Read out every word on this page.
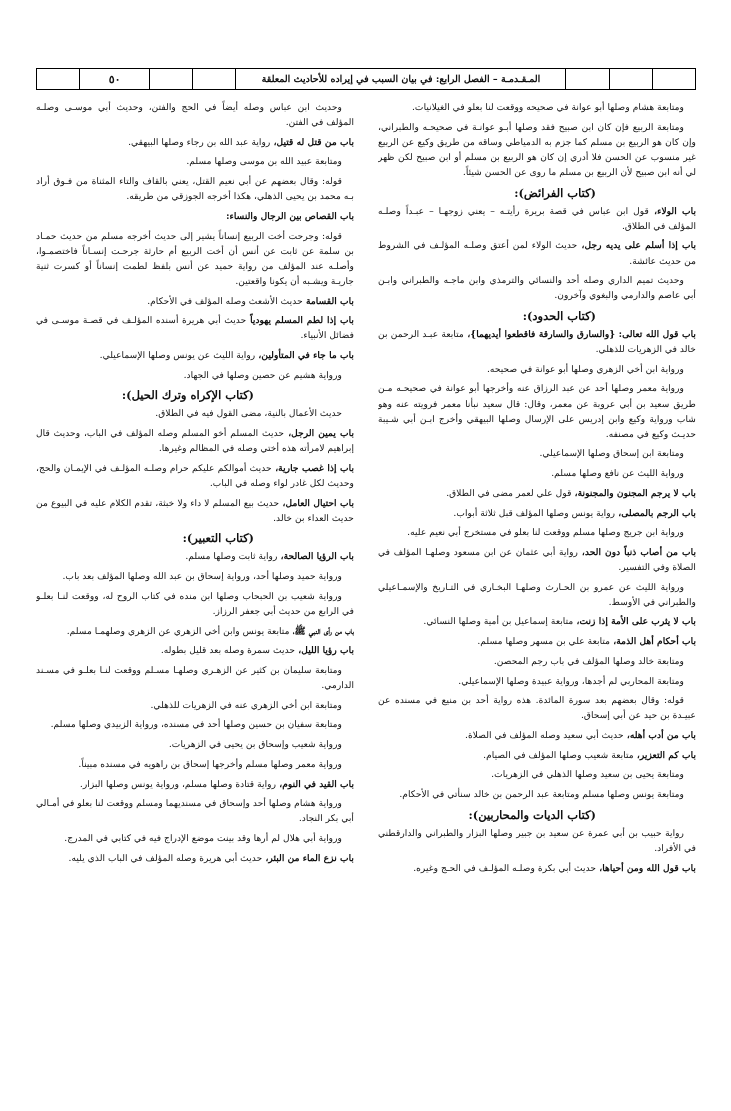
المـقـدمـة – الفصل الرابع: في بيان السبب في إيراده للأحاديث المعلقة
٥٠

ومتابعة هشام وصلها أبو عوانة في صحيحه ووقعت لنا بعلو في الغيلانيات.

ومتابعة الربيع فإن كان ابن صبيح فقد وصلها أبـو عوانـة في صحيحـه والطبراني، وإن كان هو الربيع بن مسلم كما جزم به الدمياطي وساقه من طريق وكيع عن الربيع غير منسوب عن الحسن فلا أدري إن كان هو الربيع بن مسلم أو ابن صبيح لكن ظهر لي أنه ابن صبيح لأن الربيع بن مسلم ما روى عن الحسن شيئاً.

(كتاب الفرائض):

باب الولاء، قول ابن عباس في قصة بريرة رأيتـه – يعني زوجهـا – عبـداً وصلـه المؤلف في الطلاق.

باب إذا أسلم على يديه رجل، حديث الولاء لمن أعتق وصلـه المؤلـف في الشروط من حديث عائشة.

وحديث تميم الداري وصله أحد والنسائي والترمذي وابن ماجـه والطبراني وابـن أبي عاصم والدارمي والبغوي وآخرون.

(كتاب الحدود):

باب قول الله تعالى: {والسارق والسارقة فاقطعوا أيديهما}، متابعة عبـد الرحمن بن خالد في الزهريات للذهلي.

ورواية ابن أخي الزهري وصلها أبو عوانة في صحيحه.

ورواية معمر وصلها أحد عن عبد الرزاق عنه وأخرجها أبو عوانة في صحيحـه مـن طريق سعيد بن أبي عروبة عن معمر، وقال: قال سعيد نبأنا معمر فرويته عنه وهو شاب ورواية وكيع وابن إدريس على الإرسال وصلها البيهقي وأخرج ابـن أبي شـيبة حديـث وكيع في مصنفه.

ومتابعة ابن إسحاق وصلها الإسماعيلي.

ورواية الليث عن نافع وصلها مسلم.

باب لا يرجم المجنون والمجنونة، قول علي لعمر مضى في الطلاق.

باب الرجم بالمصلى، رواية يونس وصلها المؤلف قبل ثلاثة أبواب.

ورواية ابن جريج وصلها مسلم ووقعت لنا بعلو في مستخرج أبي نعيم عليه.

باب من أصاب ذنباً دون الحد، رواية أبي عثمان عن ابن مسعود وصلهـا المؤلف في الصلاة وفي التفسير.

ورواية الليث عن عمرو بن الحـارث وصلهـا البخـاري في التـاريخ والإسمـاعيلي والطبراني في الأوسط.

باب لا يثرب على الأمة إذا زنت، متابعة إسماعيل بن أمية وصلها النسائي.

باب أحكام أهل الذمة، متابعة علي بن مسهر وصلها مسلم.

ومتابعة خالد وصلها المؤلف في باب رجم المحصن.

ومتابعة المحاربي لم أجدها، ورواية عبيدة وصلها الإسماعيلي.

قوله: وقال بعضهم بعد سورة المائدة. هذه رواية أحد بن منيع في مسنده عن عبيـدة بن حيد عن أبي إسحاق.

باب من أدب أهله، حديث أبي سعيد وصله المؤلف في الصلاة.

باب كم التعزير، متابعة شعيب وصلها المؤلف في الصيام.

ومتابعة يحيى بن سعيد وصلها الذهلي في الزهريات.

ومتابعة يونس وصلها مسلم ومتابعة عبد الرحمن بن خالد سنأتي في الأحكام.

(كتاب الديات والمحاربين):

رواية حبيب بن أبي عمرة عن سعيد بن جبير وصلها البزار والطبراني والدارقطني في الأفراد.

باب قول الله ومن أحياها، حديث أبي بكرة وصلـه المؤلـف في الحـج وغيره.

وحديث ابن عباس وصله أيضاً في الحج والفتن، وحديث أبي موسـى وصلـه المؤلف في الفتن.

باب من قتل له قتيل، رواية عبد الله بن رجاء وصلها البيهقي.

ومتابعة عبيد الله بن موسى وصلها مسلم.

قوله: وقال بعضهم عن أبي نعيم القتل، يعني بالقاف والتاء المثناة من فـوق أراد بـه محمد بن يحيى الذهلي، هكذا أخرجه الجوزقي من طريقه.

باب القصاص بين الرجال والنساء:

قوله: وجرحت أخت الربيع إنساناً يشير إلى حديث أخرجه مسلم من حديث حمـاد بن سلمة عن ثابت عن أنس أن أخت الربيع أم حارثة جرحـت إنسـاناً فاختصمـوا، وأصلـه عند المؤلف من رواية حميد عن أنس بلفظ لطمت إنساناً أو كسرت ثنية جاريـة ويشـبه أن يكونا واقعتين.

باب القسامة حديث الأشعث وصله المؤلف في الأحكام.

باب إذا لطم المسلم يهودياً حديث أبي هريرة أسنده المؤلـف في قصـة موسـى في فضائل الأنبياء.

باب ما جاء في المتأولين، رواية الليث عن يونس وصلها الإسماعيلي.

ورواية هشيم عن حصين وصلها في الجهاد.

(كتاب الإكراه وترك الحيل):

حديث الأعمال بالنية، مضى القول فيه في الطلاق.

باب يمين الرجل، حديث المسلم أخو المسلم وصله المؤلف في الباب، وحديث قال إبراهيم لامرأته هذه أختي وصله في المظالم وغيرها.

باب إذا غصب جارية، حديث أموالكم عليكم حرام وصلـه المؤلـف في الإيمـان والحج، وحديث لكل غادر لواء وصله في الباب.

باب احتيال العامل، حديث بيع المسلم لا داء ولا خبثة، تقدم الكلام عليه في البيوع من حديث العداء بن خالد.

(كتاب التعبير):

باب الرؤيا الصالحة، رواية ثابت وصلها مسلم.

ورواية حميد وصلها أحد، ورواية إسحاق بن عبد الله وصلها المؤلف بعد باب.

ورواية شعيب بن الحبحاب وصلها ابن منده في كتاب الروح له، ووقعت لنـا بعلـو في الرابع من حديث أبي جعفر الرزاز.

باب من رأى النبي ﷺ، متابعة يونس وابن أخي الزهري عن الزهري وصلهمـا مسلم.

باب رؤيا الليل، حديث سمرة وصله بعد قليل بطوله.

ومتابعة سليمان بن كثير عن الزهـري وصلهـا مسـلم ووقعت لنـا بعلـو في مسـند الدارمي.

ومتابعة ابن أخي الزهري عنه في الزهريات للذهلي.

ومتابعة سفيان بن حسين وصلها أحد في مسنده، ورواية الزبيدي وصلها مسلم.

ورواية شعيب وإسحاق بن يحيى في الزهريات.

ورواية معمر وصلها مسلم وأخرجها إسحاق بن راهويه في مسنده مبيناً.

باب القيد في النوم، رواية قتادة وصلها مسلم، ورواية يونس وصلها البزار.

ورواية هشام وصلها أحد وإسحاق في مسنديهما ومسلم ووقعت لنا بعلو في أمـالي أبي بكر النجاد.

ورواية أبي هلال لم أرها وقد بينت موضع الإدراج فيه في كتابي في المدرج.

باب نزع الماء من البئر، حديث أبي هريرة وصله المؤلف في الباب الذي يليه.
